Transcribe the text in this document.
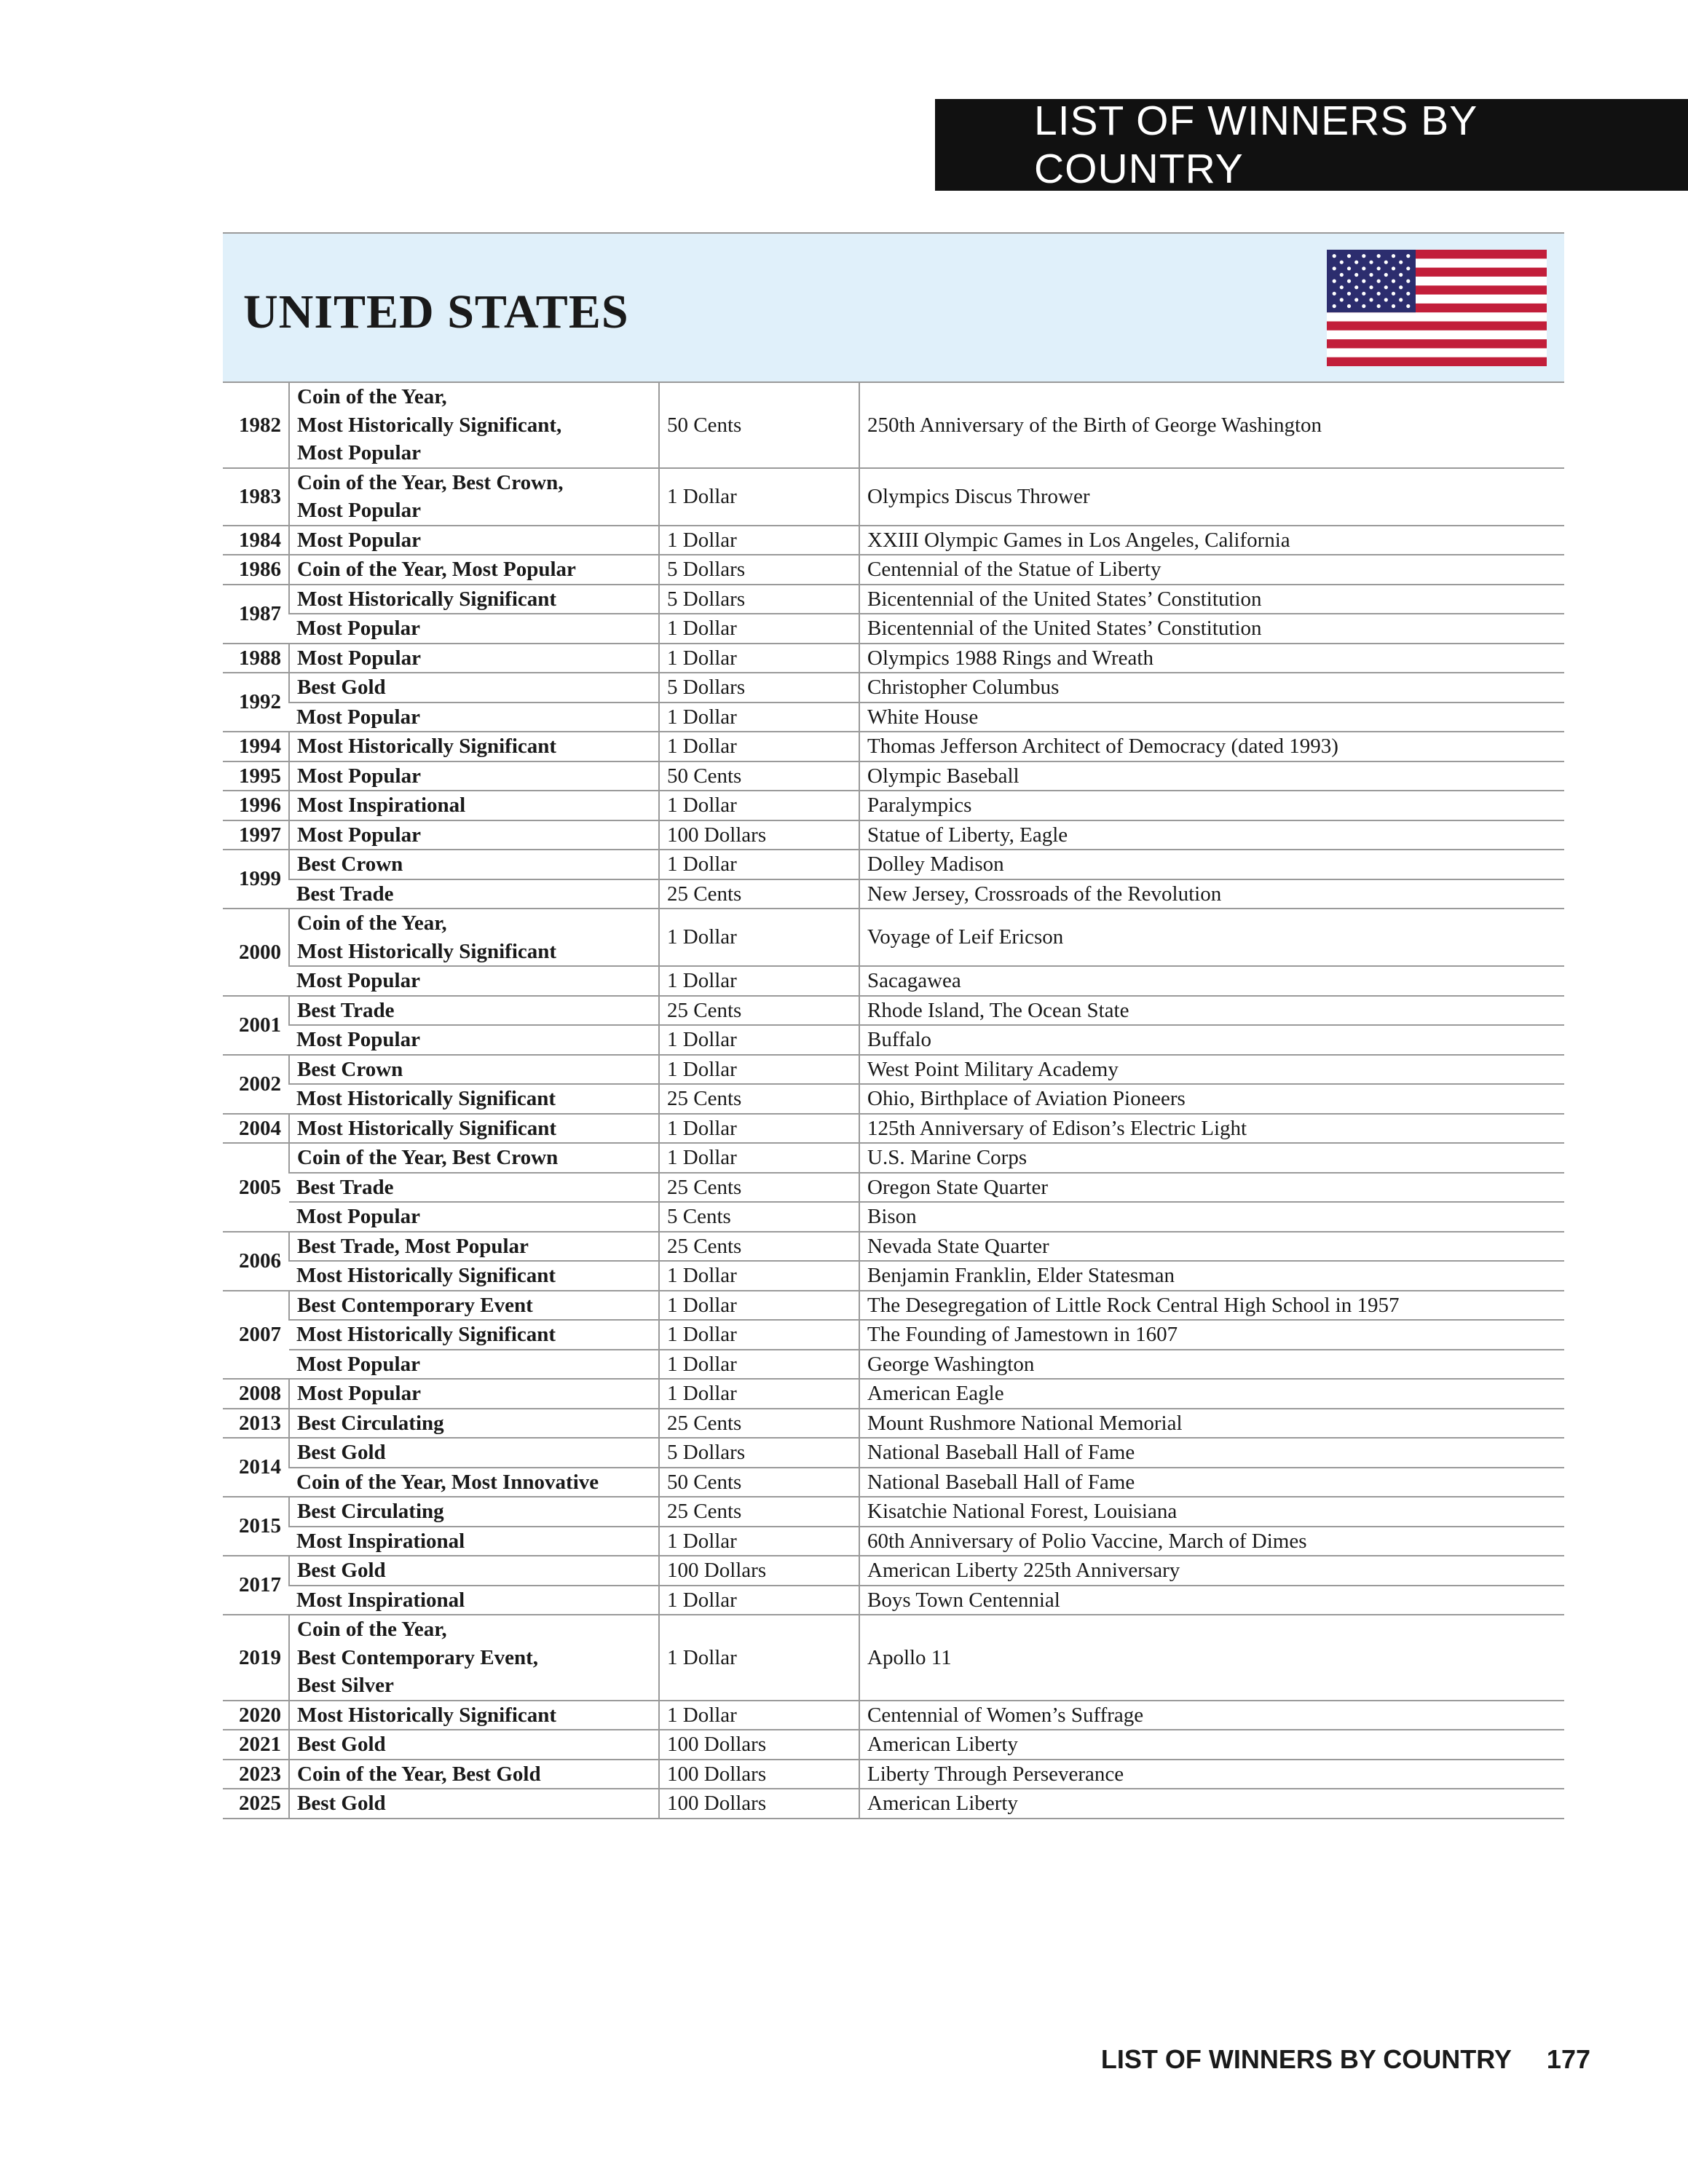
LIST OF WINNERS BY COUNTRY
UNITED STATES
1982	Coin of the Year,
Most Historically Significant,
Most Popular	50 Cents	250th Anniversary of the Birth of George Washington
1983	Coin of the Year, Best Crown,
Most Popular	1 Dollar	Olympics Discus Thrower
1984	Most Popular	1 Dollar	XXIII Olympic Games in Los Angeles, California
1986	Coin of the Year, Most Popular	5 Dollars	Centennial of the Statue of Liberty
1987	Most Historically Significant	5 Dollars	Bicentennial of the United States’ Constitution

	Most Popular	1 Dollar	Bicentennial of the United States’ Constitution
1988	Most Popular	1 Dollar	Olympics 1988 Rings and Wreath
1992	Best Gold	5 Dollars	Christopher Columbus

	Most Popular	1 Dollar	White House
1994	Most Historically Significant	1 Dollar	Thomas Jefferson Architect of Democracy (dated 1993)
1995	Most Popular	50 Cents	Olympic Baseball
1996	Most Inspirational	1 Dollar	Paralympics
1997	Most Popular	100 Dollars	Statue of Liberty, Eagle
1999	Best Crown	1 Dollar	Dolley Madison

	Best Trade	25 Cents	New Jersey, Crossroads of the Revolution
2000	Coin of the Year,
Most Historically Significant	1 Dollar	Voyage of Leif Ericson

	Most Popular	1 Dollar	Sacagawea
2001	Best Trade	25 Cents	Rhode Island, The Ocean State

	Most Popular	1 Dollar	Buffalo
2002	Best Crown	1 Dollar	West Point Military Academy

	Most Historically Significant	25 Cents	Ohio, Birthplace of Aviation Pioneers
2004	Most Historically Significant	1 Dollar	125th Anniversary of Edison’s Electric Light
2005	Coin of the Year, Best Crown	1 Dollar	U.S. Marine Corps

	Best Trade	25 Cents	Oregon State Quarter

	Most Popular	5 Cents	Bison
2006	Best Trade, Most Popular	25 Cents	Nevada State Quarter

	Most Historically Significant	1 Dollar	Benjamin Franklin, Elder Statesman
2007	Best Contemporary Event	1 Dollar	The Desegregation of Little Rock Central High School in 1957

	Most Historically Significant	1 Dollar	The Founding of Jamestown in 1607

	Most Popular	1 Dollar	George Washington
2008	Most Popular	1 Dollar	American Eagle
2013	Best Circulating	25 Cents	Mount Rushmore National Memorial
2014	Best Gold	5 Dollars	National Baseball Hall of Fame

	Coin of the Year, Most Innovative	50 Cents	National Baseball Hall of Fame
2015	Best Circulating	25 Cents	Kisatchie National Forest, Louisiana

	Most Inspirational	1 Dollar	60th Anniversary of Polio Vaccine, March of Dimes
2017	Best Gold	100 Dollars	American Liberty 225th Anniversary

	Most Inspirational	1 Dollar	Boys Town Centennial
2019	Coin of the Year,
Best Contemporary Event,
Best Silver	1 Dollar	Apollo 11
2020	Most Historically Significant	1 Dollar	Centennial of Women’s Suffrage
2021	Best Gold	100 Dollars	American Liberty
2023	Coin of the Year, Best Gold	100 Dollars	Liberty Through Perseverance
2025	Best Gold	100 Dollars	American Liberty
LIST OF WINNERS BY COUNTRY 177
